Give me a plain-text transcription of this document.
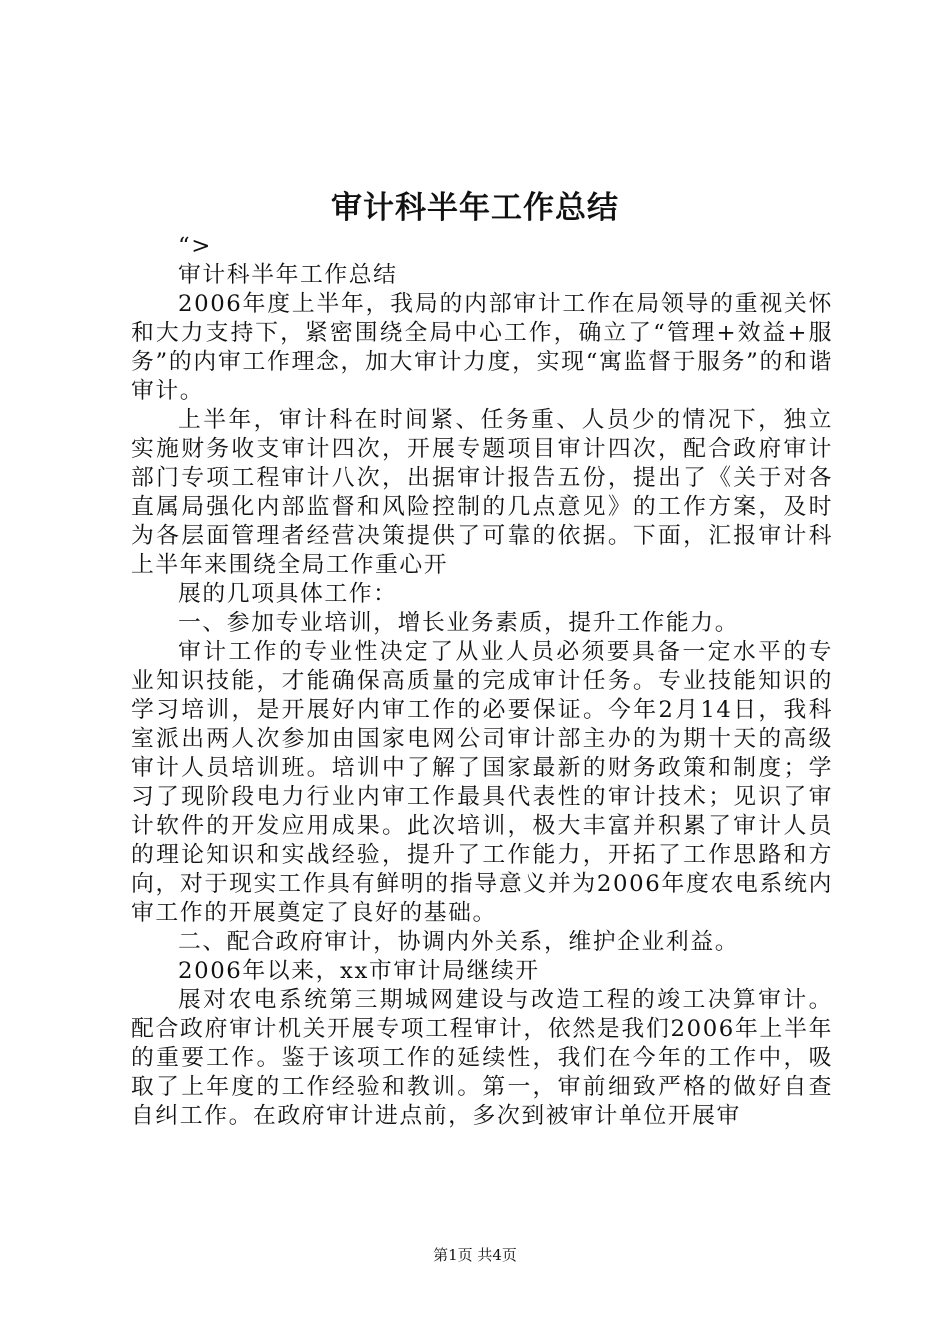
审计科半年工作总结

“>

审计科半年工作总结

2006年度上半年，我局的内部审计工作在局领导的重视关怀和大力支持下，紧密围绕全局中心工作，确立了“管理+效益+服务”的内审工作理念，加大审计力度，实现“寓监督于服务”的和谐审计。

上半年，审计科在时间紧、任务重、人员少的情况下，独立实施财务收支审计四次，开展专题项目审计四次，配合政府审计部门专项工程审计八次，出据审计报告五份，提出了《关于对各直属局强化内部监督和风险控制的几点意见》的工作方案，及时为各层面管理者经营决策提供了可靠的依据。下面，汇报审计科上半年来围绕全局工作重心开

展的几项具体工作：

一、参加专业培训，增长业务素质，提升工作能力。

审计工作的专业性决定了从业人员必须要具备一定水平的专业知识技能，才能确保高质量的完成审计任务。专业技能知识的学习培训，是开展好内审工作的必要保证。今年2月14日，我科室派出两人次参加由国家电网公司审计部主办的为期十天的高级审计人员培训班。培训中了解了国家最新的财务政策和制度；学习了现阶段电力行业内审工作最具代表性的审计技术；见识了审计软件的开发应用成果。此次培训，极大丰富并积累了审计人员的理论知识和实战经验，提升了工作能力，开拓了工作思路和方向，对于现实工作具有鲜明的指导意义并为2006年度农电系统内审工作的开展奠定了良好的基础。

二、配合政府审计，协调内外关系，维护企业利益。

2006年以来，xx市审计局继续开

展对农电系统第三期城网建设与改造工程的竣工决算审计。配合政府审计机关开展专项工程审计，依然是我们2006年上半年的重要工作。鉴于该项工作的延续性，我们在今年的工作中，吸取了上年度的工作经验和教训。第一，审前细致严格的做好自查自纠工作。在政府审计进点前，多次到被审计单位开展审

第1页 共4页
